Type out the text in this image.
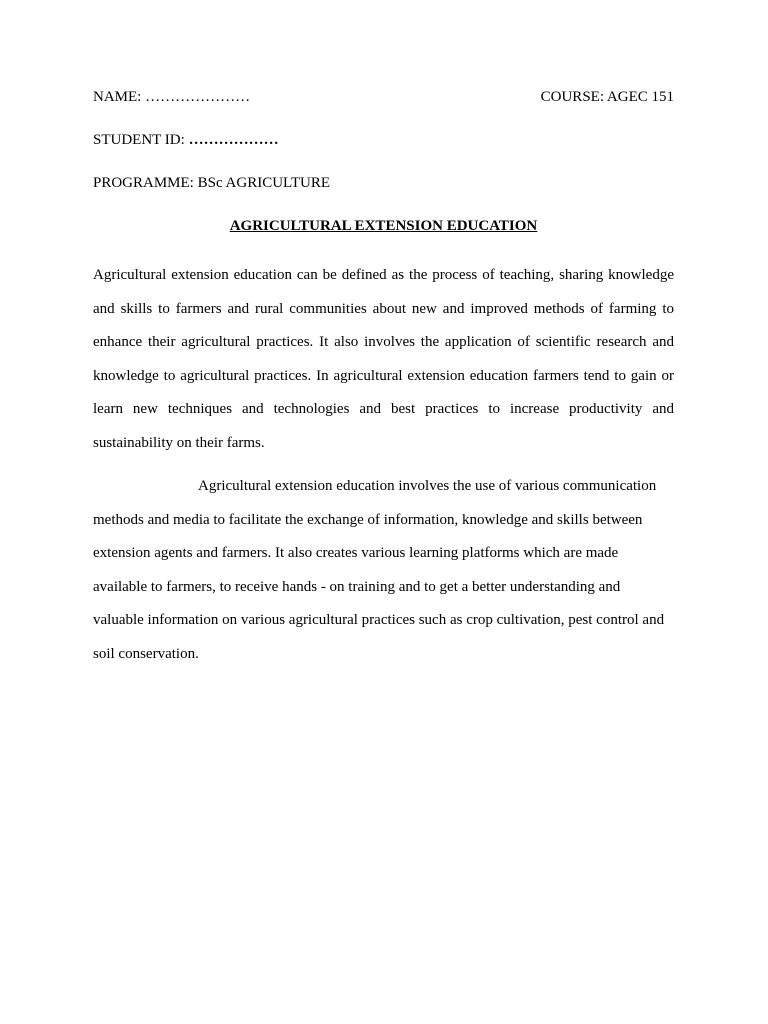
NAME: …………………	COURSE: AGEC 151
STUDENT ID: ………………
PROGRAMME: BSc AGRICULTURE
AGRICULTURAL EXTENSION EDUCATION

Agricultural extension education can be defined as the process of teaching, sharing knowledge and skills to farmers and rural communities about new and improved methods of farming to enhance their agricultural practices. It also involves the application of scientific research and knowledge to agricultural practices. In agricultural extension education farmers tend to gain or learn new techniques and technologies and best practices to increase productivity and sustainability on their farms.

Agricultural extension education involves the use of various communication methods and media to facilitate the exchange of information, knowledge and skills between extension agents and farmers. It also creates various learning platforms which are made available to farmers, to receive hands - on training and to get a better understanding and valuable information on various agricultural practices such as crop cultivation, pest control and soil conservation.
